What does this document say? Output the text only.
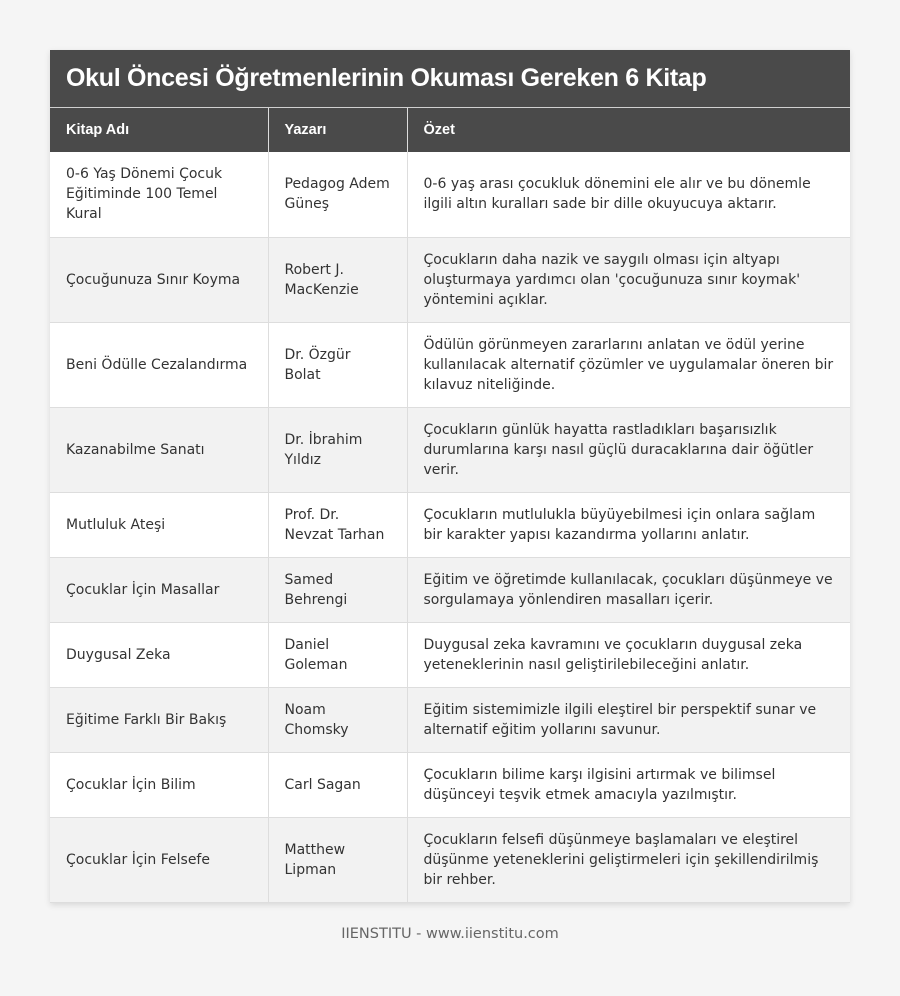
Okul Öncesi Öğretmenlerinin Okuması Gereken 6 Kitap
Kitap Adı	Yazarı	Özet
0-6 Yaş Dönemi Çocuk Eğitiminde 100 Temel Kural	Pedagog Adem Güneş	0-6 yaş arası çocukluk dönemini ele alır ve bu dönemle ilgili altın kuralları sade bir dille okuyucuya aktarır.
Çocuğunuza Sınır Koyma	Robert J. MacKenzie	Çocukların daha nazik ve saygılı olması için altyapı oluşturmaya yardımcı olan 'çocuğunuza sınır koymak' yöntemini açıklar.
Beni Ödülle Cezalandırma	Dr. Özgür Bolat	Ödülün görünmeyen zararlarını anlatan ve ödül yerine kullanılacak alternatif çözümler ve uygulamalar öneren bir kılavuz niteliğinde.
Kazanabilme Sanatı	Dr. İbrahim Yıldız	Çocukların günlük hayatta rastladıkları başarısızlık durumlarına karşı nasıl güçlü duracaklarına dair öğütler verir.
Mutluluk Ateşi	Prof. Dr. Nevzat Tarhan	Çocukların mutlulukla büyüyebilmesi için onlara sağlam bir karakter yapısı kazandırma yollarını anlatır.
Çocuklar İçin Masallar	Samed Behrengi	Eğitim ve öğretimde kullanılacak, çocukları düşünmeye ve sorgulamaya yönlendiren masalları içerir.
Duygusal Zeka	Daniel Goleman	Duygusal zeka kavramını ve çocukların duygusal zeka yeteneklerinin nasıl geliştirilebileceğini anlatır.
Eğitime Farklı Bir Bakış	Noam Chomsky	Eğitim sistemimizle ilgili eleştirel bir perspektif sunar ve alternatif eğitim yollarını savunur.
Çocuklar İçin Bilim	Carl Sagan	Çocukların bilime karşı ilgisini artırmak ve bilimsel düşünceyi teşvik etmek amacıyla yazılmıştır.
Çocuklar İçin Felsefe	Matthew Lipman	Çocukların felsefi düşünmeye başlamaları ve eleştirel düşünme yeteneklerini geliştirmeleri için şekillendirilmiş bir rehber.
IIENSTITU - www.iienstitu.com
